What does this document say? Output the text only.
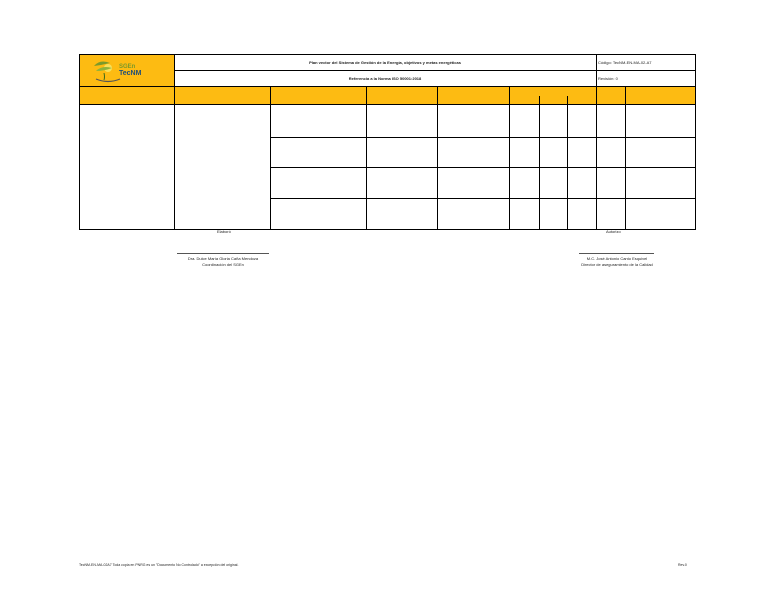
SGEn
TecNM
Plan vector del Sistema de Gestión de la Energía, objetivos y metas energéticas
Referencia a la Norma ISO 50001:2018
Código: TecNM-EN-MA-02-A7
Revisión: 0
Elaboró	Autorizo
Dra. Dulce María Gloria Caña Mendoza
Coordinación del SGEn
M.C. José Antonio Canto Esquivel
Director de aseguramiento de la Calidad
TecNM-EN-MA-02A7 Toda copia en PNRG es un "Documento No Controlado" a excepción del original.	Rev.0
